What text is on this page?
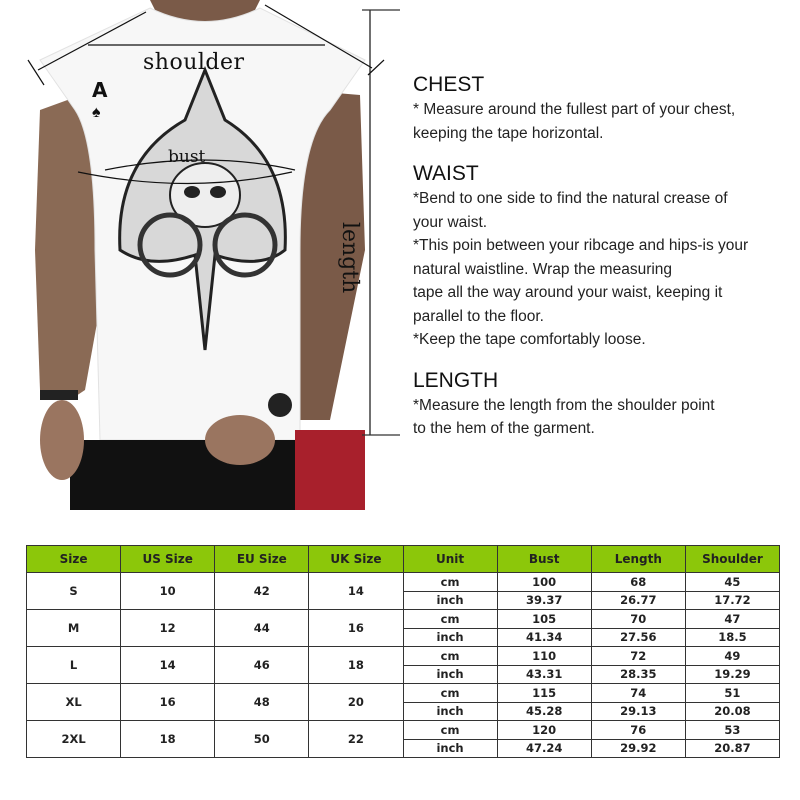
A
♠
shoulder
bust
length
CHEST
* Measure around the fullest part of your chest,
keeping the tape horizontal.
WAIST
*Bend to one side to find the natural crease of
your waist.
*This poin between your ribcage and hips-is your
natural waistline. Wrap the measuring
tape all the way around your waist, keeping it
parallel to the floor.
*Keep the tape comfortably loose.
LENGTH
*Measure the length from the shoulder point
to the hem of the garment.
Size	US Size	EU Size	UK Size	Unit	Bust	Length	Shoulder
S	10	42	14	cm	100	68	45
				inch	39.37	26.77	17.72
M	12	44	16	cm	105	70	47
				inch	41.34	27.56	18.5
L	14	46	18	cm	110	72	49
				inch	43.31	28.35	19.29
XL	16	48	20	cm	115	74	51
				inch	45.28	29.13	20.08
2XL	18	50	22	cm	120	76	53
				inch	47.24	29.92	20.87
